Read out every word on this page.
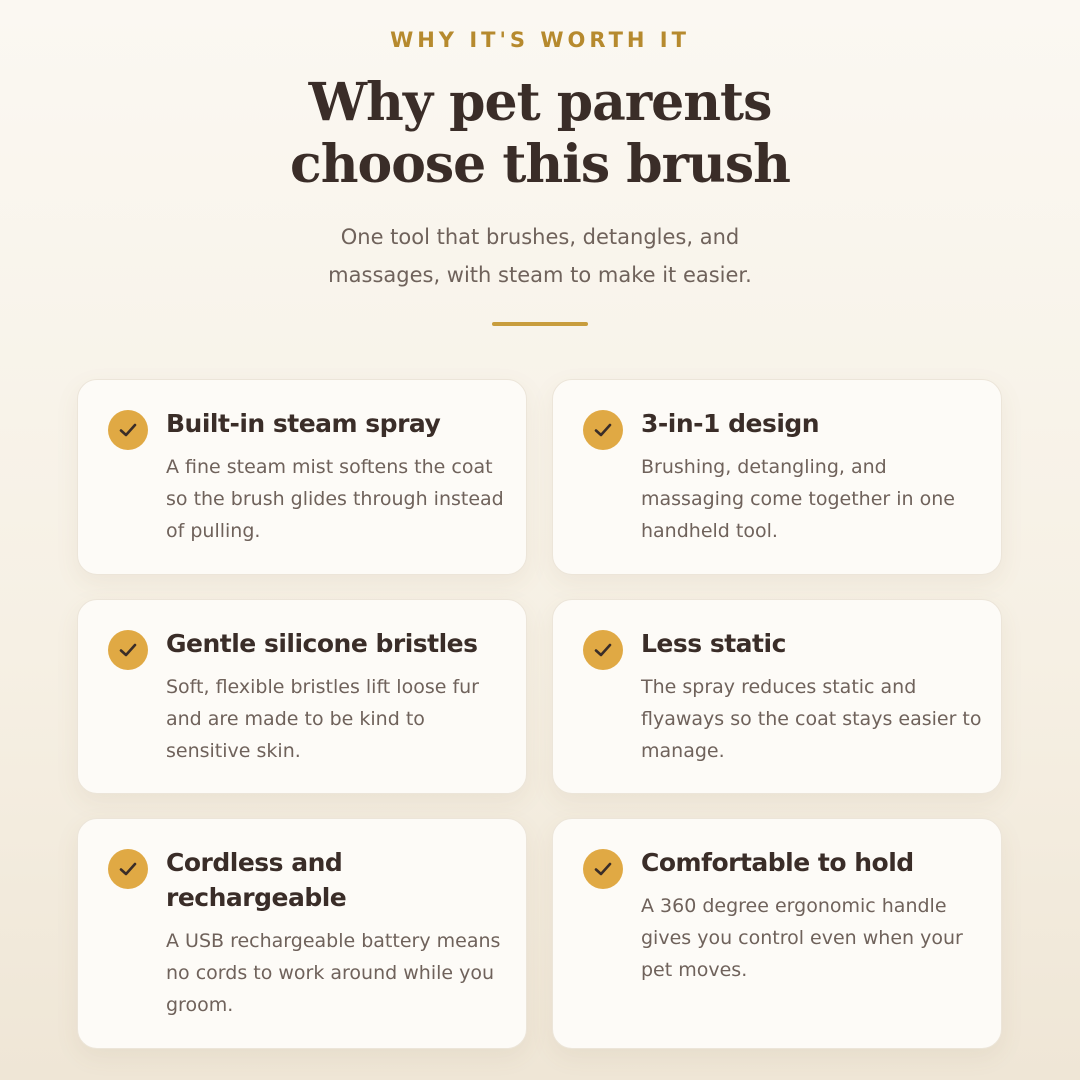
WHY IT'S WORTH IT
Why pet parents
choose this brush
One tool that brushes, detangles, and
massages, with steam to make it easier.
Built-in steam spray
A fine steam mist softens the coat so the brush glides through instead of pulling.
3-in-1 design
Brushing, detangling, and massaging come together in one handheld tool.
Gentle silicone bristles
Soft, flexible bristles lift loose fur and are made to be kind to sensitive skin.
Less static
The spray reduces static and flyaways so the coat stays easier to manage.
Cordless and rechargeable
A USB rechargeable battery means no cords to work around while you groom.
Comfortable to hold
A 360 degree ergonomic handle gives you control even when your pet moves.
